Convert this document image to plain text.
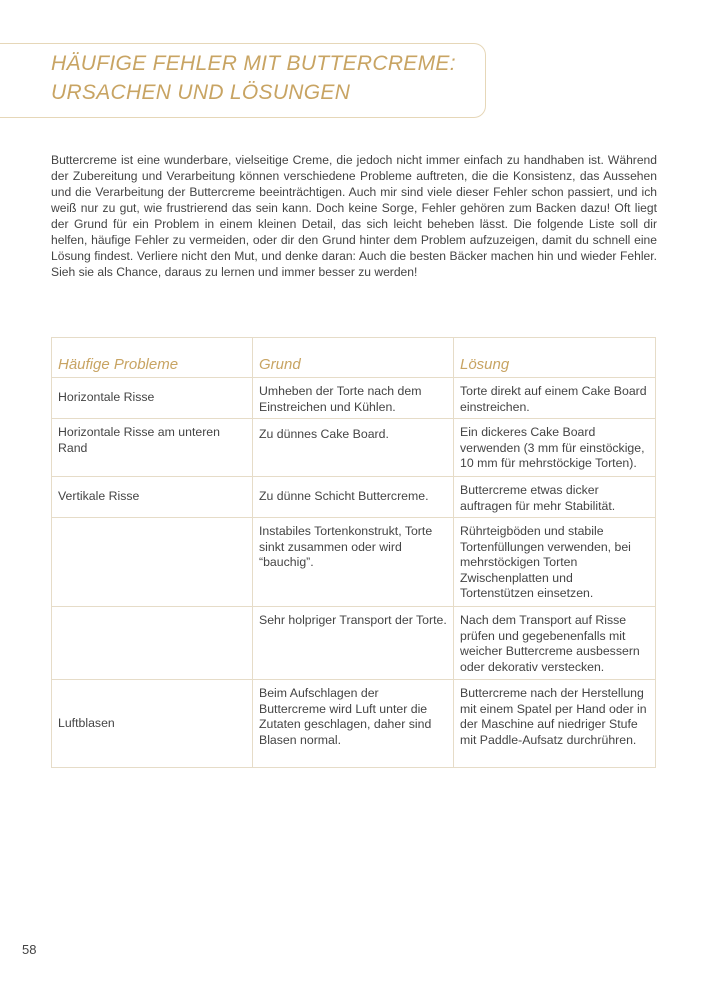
HÄUFIGE FEHLER MIT BUTTERCREME:
URSACHEN UND LÖSUNGEN

Buttercreme ist eine wunderbare, vielseitige Creme, die jedoch nicht immer einfach zu handhaben ist. Während der Zubereitung und Verarbeitung können verschiedene Probleme auftreten, die die Konsistenz, das Aussehen und die Verarbeitung der Buttercreme beeinträchtigen. Auch mir sind viele dieser Fehler schon passiert, und ich weiß nur zu gut, wie frustrierend das sein kann. Doch keine Sorge, Fehler gehören zum Backen dazu! Oft liegt der Grund für ein Problem in einem kleinen Detail, das sich leicht beheben lässt. Die folgende Liste soll dir helfen, häufige Fehler zu vermeiden, oder dir den Grund hinter dem Problem aufzuzeigen, damit du schnell eine Lösung findest. Verliere nicht den Mut, und denke daran: Auch die besten Bäcker machen hin und wieder Fehler. Sieh sie als Chance, daraus zu lernen und immer besser zu werden!

Häufige Probleme	Grund	Lösung
Horizontale Risse	Umheben der Torte nach dem Einstreichen und Kühlen.	Torte direkt auf einem Cake Board einstreichen.
Horizontale Risse am unteren Rand	Zu dünnes Cake Board.	Ein dickeres Cake Board verwenden (3 mm für einstöckige, 10 mm für mehrstöckige Torten).
Vertikale Risse	Zu dünne Schicht Buttercreme.	Buttercreme etwas dicker auftragen für mehr Stabilität.
	Instabiles Tortenkonstrukt, Torte sinkt zusammen oder wird “bauchig”.	Rührteigböden und stabile Tortenfüllungen verwenden, bei mehrstöckigen Torten Zwischenplatten und Tortenstützen einsetzen.
	Sehr holpriger Transport der Torte.	Nach dem Transport auf Risse prüfen und gegebenenfalls mit weicher Buttercreme ausbessern oder dekorativ verstecken.
Luftblasen	Beim Aufschlagen der Buttercreme wird Luft unter die Zutaten geschlagen, daher sind Blasen normal.	Buttercreme nach der Herstellung mit einem Spatel per Hand oder in der Maschine auf niedriger Stufe mit Paddle-Aufsatz durchrühren.
58
